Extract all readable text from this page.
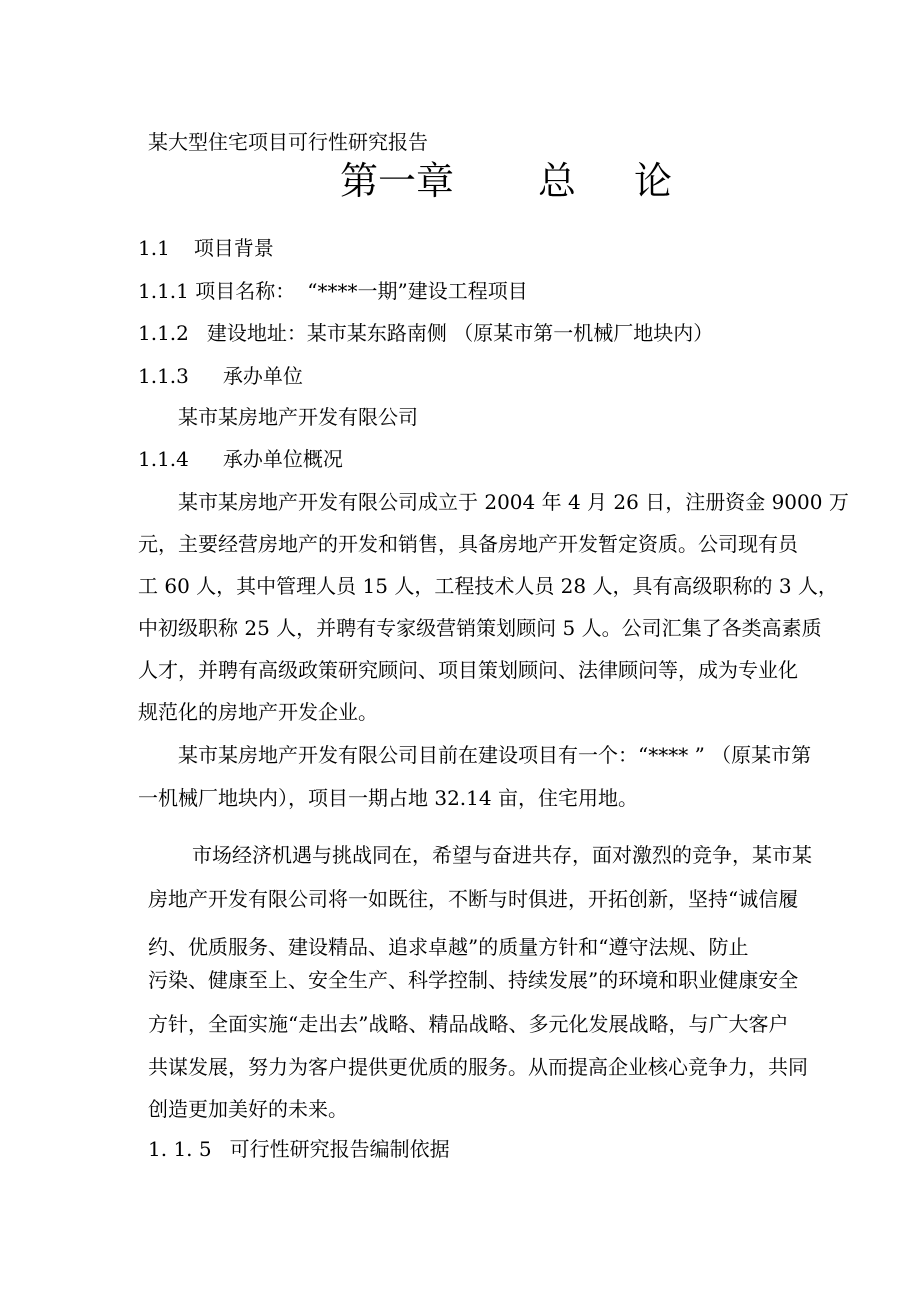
某大型住宅项目可行性研究报告
第一章 总 论
1.1 项目背景
1.1.1 项目名称： “****一期”建设工程项目
1.1.2 建设地址：某市某东路南侧 （原某市第一机械厂地块内）
1.1.3 承办单位
某市某房地产开发有限公司
1.1.4 承办单位概况
某市某房地产开发有限公司成立于 2004 年 4 月 26 日，注册资金 9000 万
元，主要经营房地产的开发和销售，具备房地产开发暂定资质。公司现有员
工 60 人，其中管理人员 15 人，工程技术人员 28 人，具有高级职称的 3 人，
中初级职称 25 人，并聘有专家级营销策划顾问 5 人。公司汇集了各类高素质
人才，并聘有高级政策研究顾问、项目策划顾问、法律顾问等，成为专业化
规范化的房地产开发企业。
某市某房地产开发有限公司目前在建设项目有一个：“**** ” （原某市第
一机械厂地块内），项目一期占地 32.14 亩，住宅用地。
市场经济机遇与挑战同在，希望与奋进共存，面对激烈的竞争，某市某
房地产开发有限公司将一如既往，不断与时俱进，开拓创新，坚持“诚信履
约、优质服务、建设精品、追求卓越”的质量方针和“遵守法规、防止
污染、健康至上、安全生产、科学控制、持续发展”的环境和职业健康安全
方针，全面实施“走出去”战略、精品战略、多元化发展战略，与广大客户
共谋发展，努力为客户提供更优质的服务。从而提高企业核心竞争力，共同
创造更加美好的未来。
1. 1. 5 可行性研究报告编制依据
